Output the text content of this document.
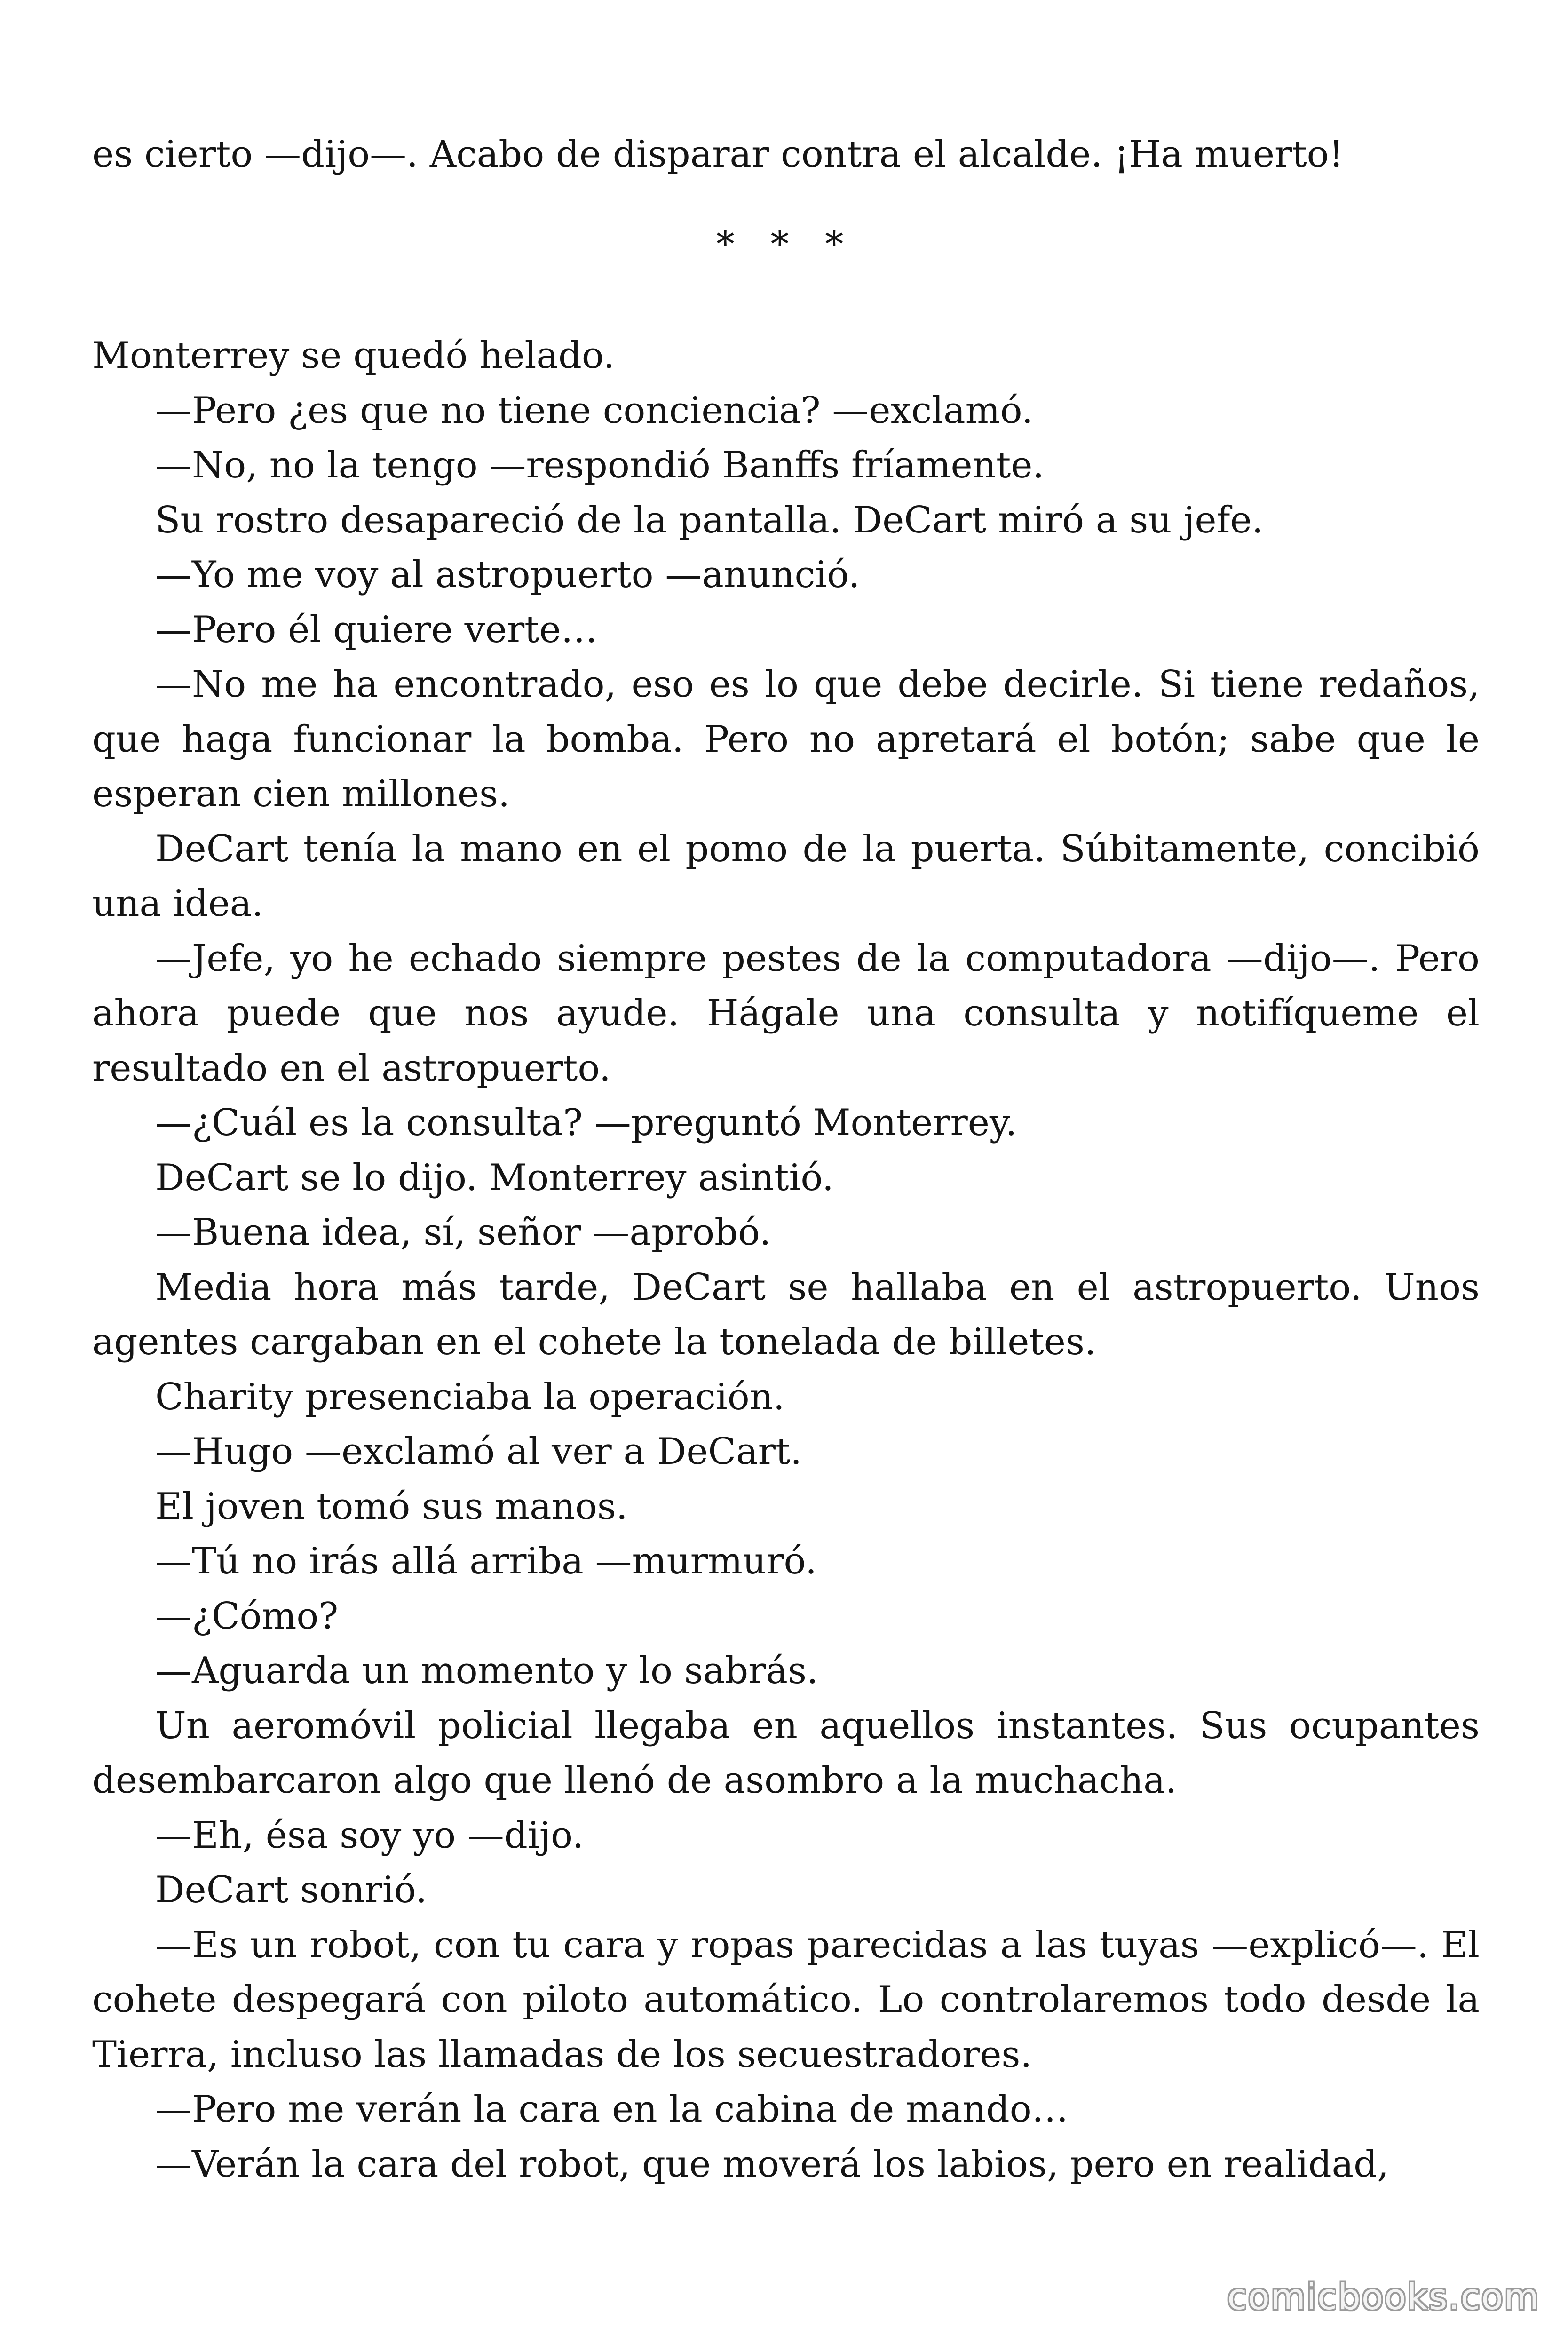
es cierto —dijo—. Acabo de disparar contra el alcalde. ¡Ha muerto!

* * *

Monterrey se quedó helado.

—Pero ¿es que no tiene conciencia? —exclamó.

—No, no la tengo —respondió Banffs fríamente.

Su rostro desapareció de la pantalla. DeCart miró a su jefe.

—Yo me voy al astropuerto —anunció.

—Pero él quiere verte…

—No me ha encontrado, eso es lo que debe decirle. Si tiene redaños, que haga funcionar la bomba. Pero no apretará el botón; sabe que le esperan cien millones.

DeCart tenía la mano en el pomo de la puerta. Súbitamente, concibió una idea.

—Jefe, yo he echado siempre pestes de la computadora —dijo—. Pero ahora puede que nos ayude. Hágale una consulta y notifíqueme el resultado en el astropuerto.

—¿Cuál es la consulta? —preguntó Monterrey.

DeCart se lo dijo. Monterrey asintió.

—Buena idea, sí, señor —aprobó.

Media hora más tarde, DeCart se hallaba en el astropuerto. Unos agentes cargaban en el cohete la tonelada de billetes.

Charity presenciaba la operación.

—Hugo —exclamó al ver a DeCart.

El joven tomó sus manos.

—Tú no irás allá arriba —murmuró.

—¿Cómo?

—Aguarda un momento y lo sabrás.

Un aeromóvil policial llegaba en aquellos instantes. Sus ocupantes desembarcaron algo que llenó de asombro a la muchacha.

—Eh, ésa soy yo —dijo.

DeCart sonrió.

—Es un robot, con tu cara y ropas parecidas a las tuyas —explicó—. El cohete despegará con piloto automático. Lo controlaremos todo desde la Tierra, incluso las llamadas de los secuestradores.

—Pero me verán la cara en la cabina de mando…

—Verán la cara del robot, que moverá los labios, pero en realidad,

comicbooks.com
